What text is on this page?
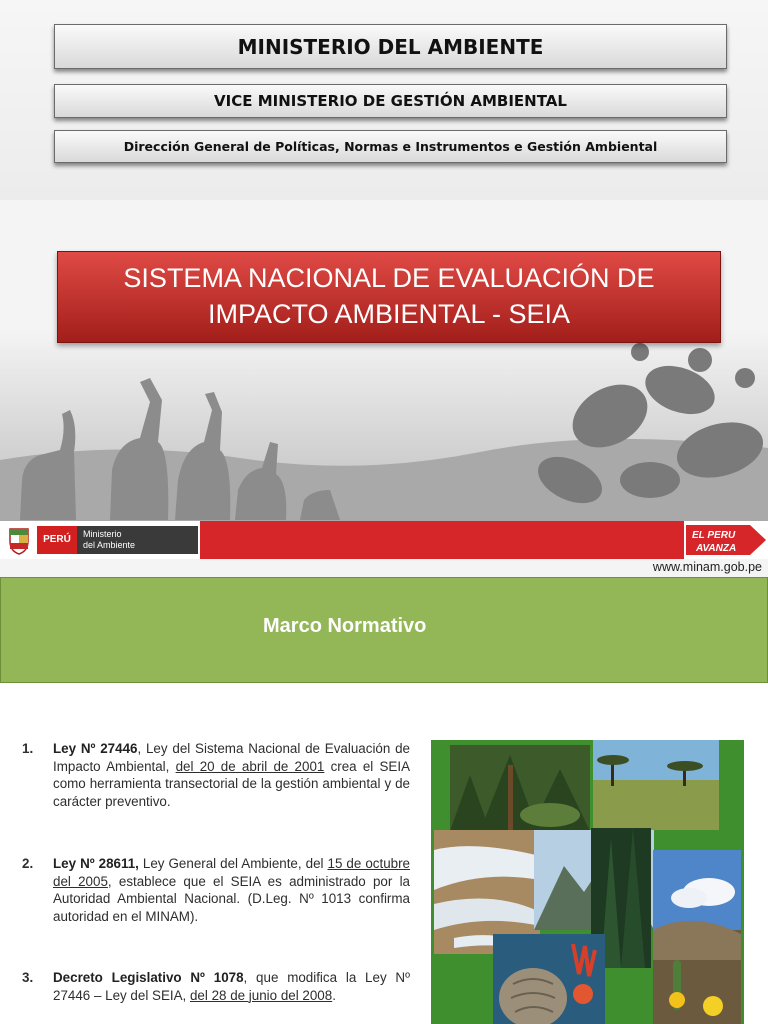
MINISTERIO DEL AMBIENTE
VICE MINISTERIO DE GESTIÓN AMBIENTAL
Dirección General de Políticas, Normas e Instrumentos e Gestión Ambiental
SISTEMA NACIONAL DE EVALUACIÓN DE
IMPACTO AMBIENTAL - SEIA
PERÚ	Ministerio
del Ambiente
EL PERU
AVANZA
www.minam.gob.pe
Marco Normativo
1. Ley Nº 27446, Ley del Sistema Nacional de Evaluación de Impacto Ambiental, del 20 de abril de 2001 crea el SEIA como herramienta transectorial de la gestión ambiental y de carácter preventivo.
2. Ley Nº 28611, Ley General del Ambiente, del 15 de octubre del 2005, establece que el SEIA es administrado por la Autoridad Ambiental Nacional. (D.Leg. Nº 1013 confirma autoridad en el MINAM).
3. Decreto Legislativo Nº 1078, que modifica la Ley Nº 27446 – Ley del SEIA, del 28 de junio del 2008.
